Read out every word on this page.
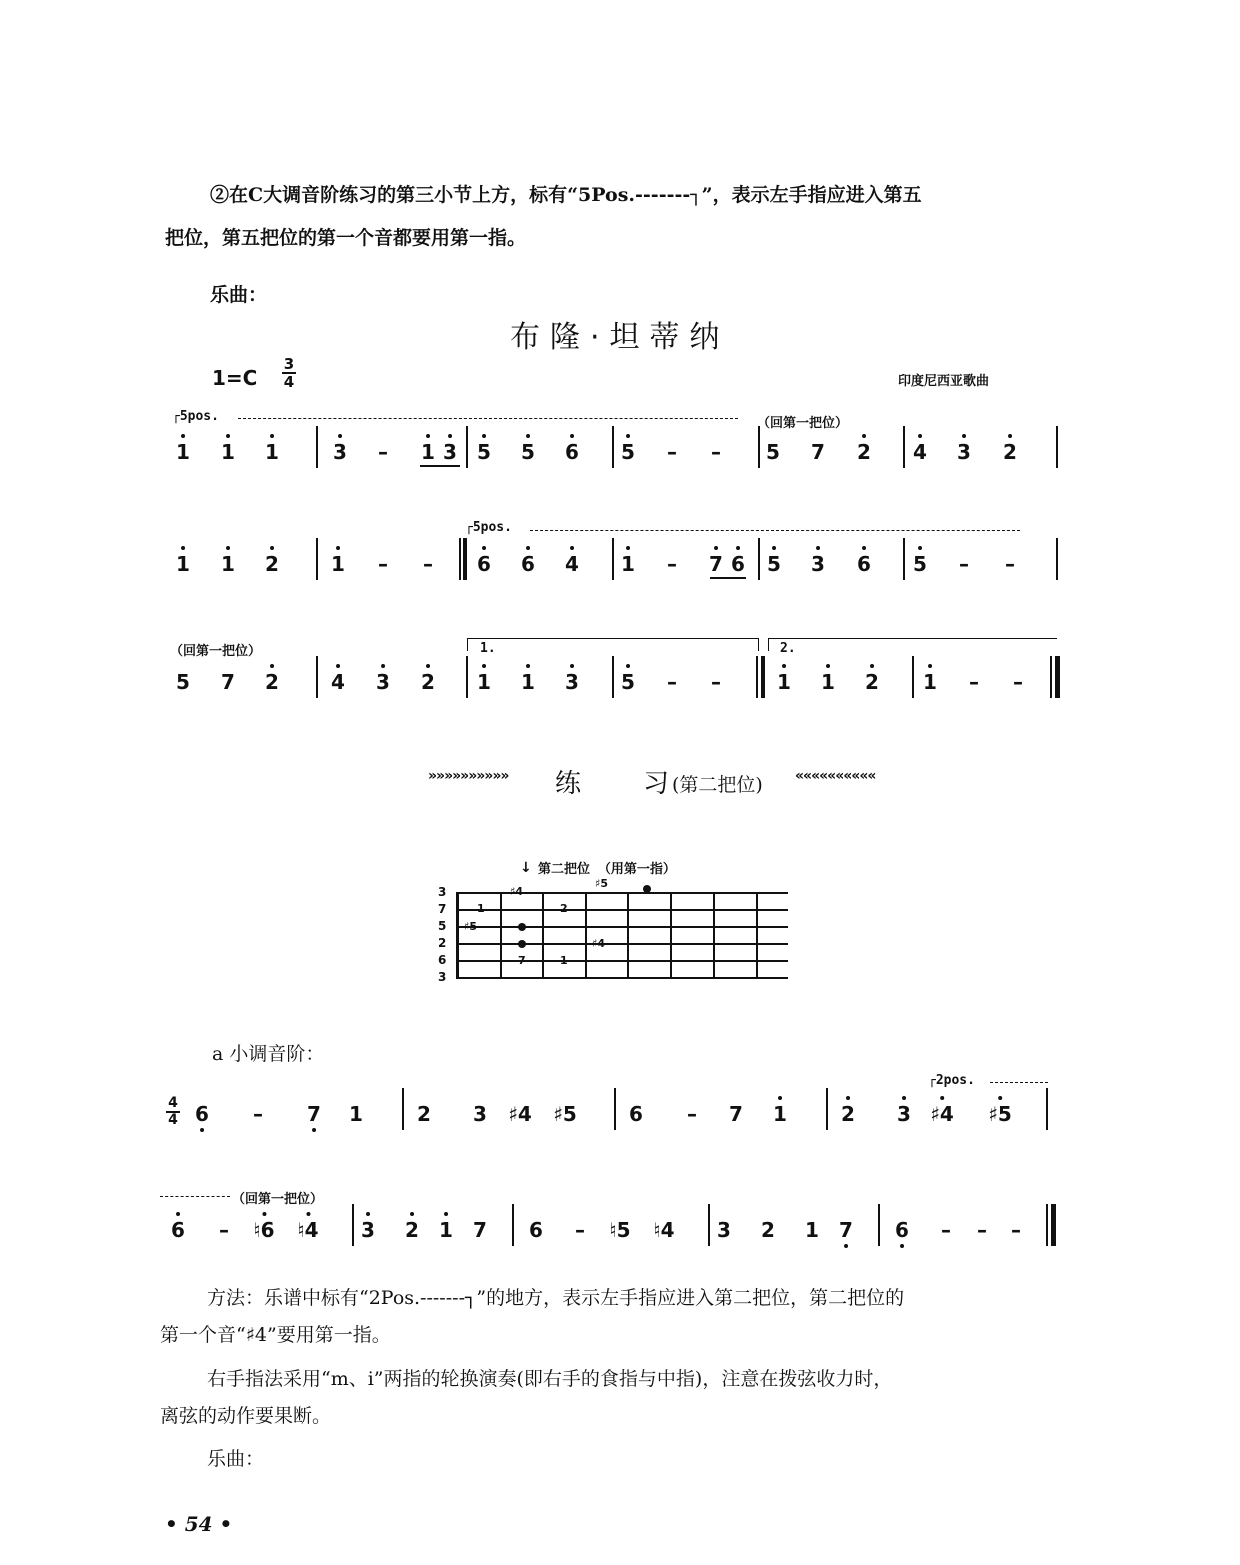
②在C大调音阶练习的第三小节上方，标有“5Pos.-------┐”，表示左手指应进入第五
把位，第五把位的第一个音都要用第一指。
乐曲：
布隆·坦蒂纳
1=C
3
4	印度尼西亚歌曲
1 1 1	3 – 1 3 5 5 6 5 – – 5 7 2 4 3 2
1 1 2	1 – – 6 6 4 1 – 7 6 5 3 6 5 – –
5 7 2	4 3 2 1 1 3 5 – –	1 1 2 1 – –
6 – 7 1	2 3 ♯4 ♯5	6 – 7 1	2 3 ♯4 ♯5
6 – ♮6 ♮4 3 2 1 7 6 – ♮5 ♮4 3 2 1 7 6 – – –
┌5pos.	（回第一把位）
┌5pos.
（回第一把位）	1.	2.
»»»»»»»»»» 练 习 (第二把位) ««««««««««
第二把位 （用第一指）
↓
3
7
5
2
6
3
♯4
♯5
1	2
♯5
♯4
7	1
a 小调音阶：
4
4
┌2pos.
（回第一把位）
方法：乐谱中标有“2Pos.-------┐”的地方，表示左手指应进入第二把位，第二把位的
第一个音“♯4”要用第一指。
右手指法采用“m、i”两指的轮换演奏(即右手的食指与中指)，注意在拨弦收力时，
离弦的动作要果断。
乐曲：
• 54 •
